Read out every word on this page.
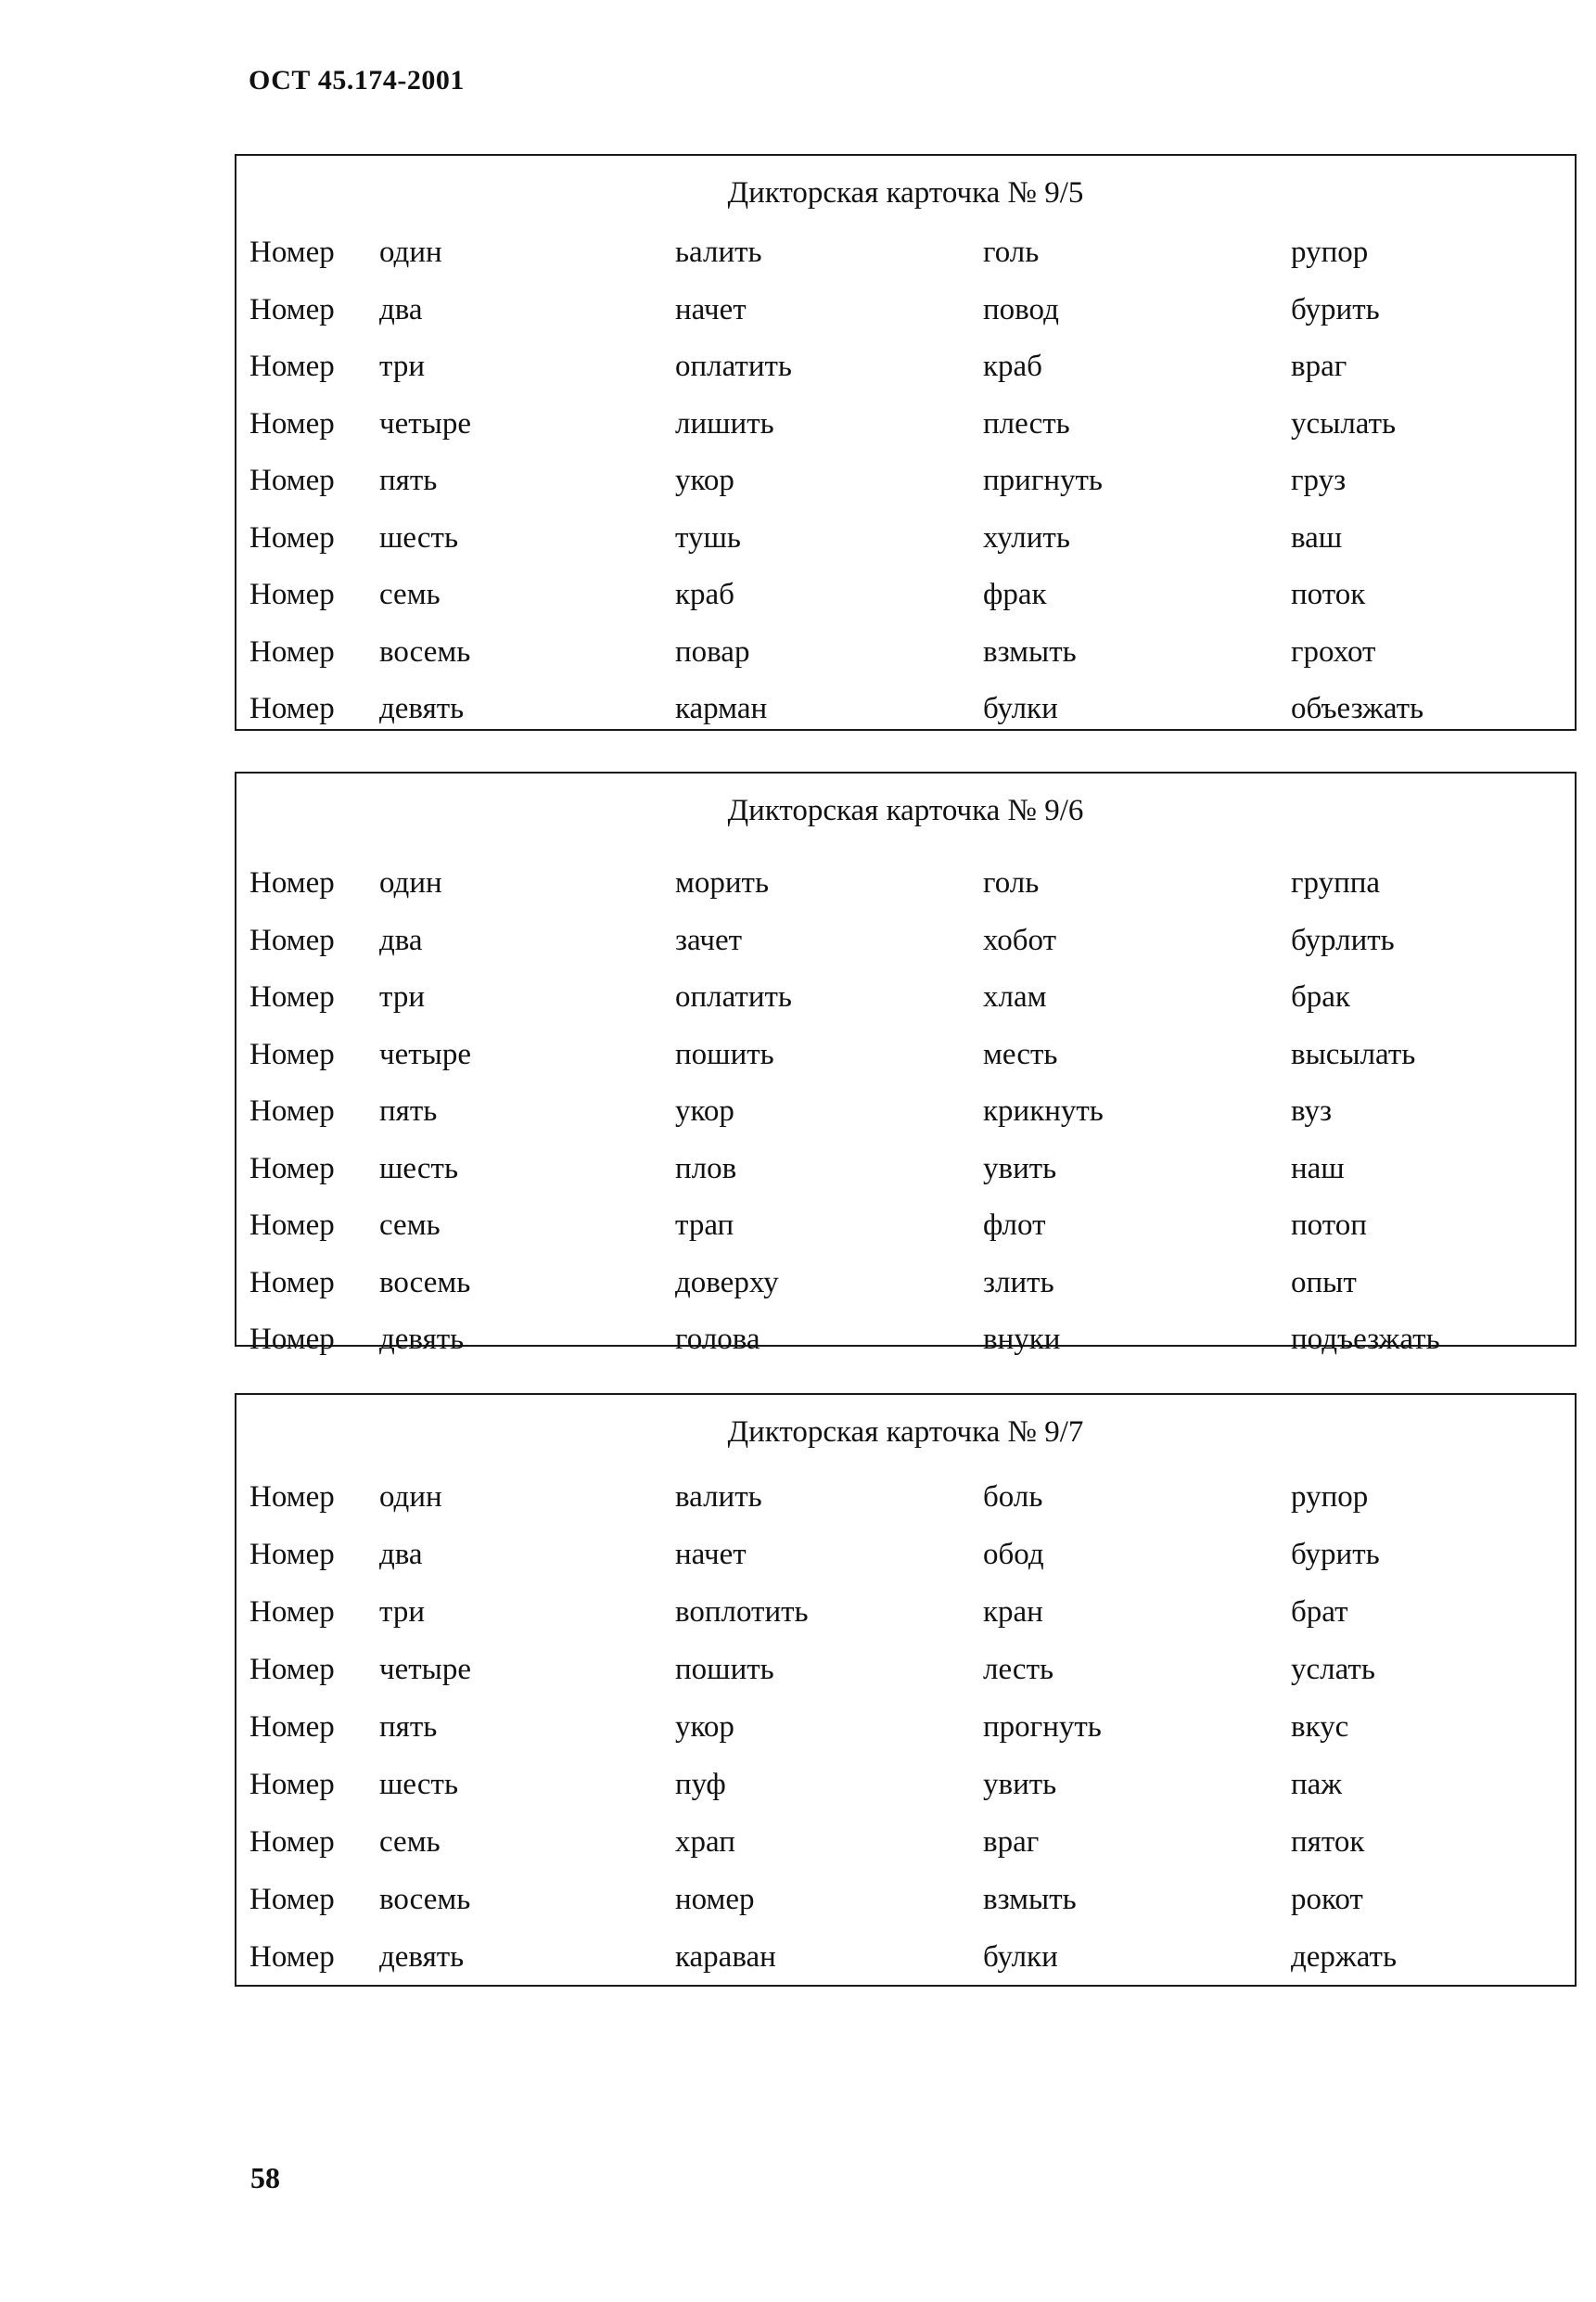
ОСТ 45.174-2001
Дикторская карточка № 9/5
Номер один	ьалить	голь	рупор
Номер два	начет	повод	бурить
Номер три	оплатить	краб	враг
Номер четыре	лишить	плесть	усылать
Номер пять	укор	пригнуть	груз
Номер шесть	тушь	хулить	ваш
Номер семь	краб	фрак	поток
Номер восемь	повар	взмыть	грохот
Номер девять	карман	булки	объезжать
Дикторская карточка № 9/6
Номер один	морить	голь	группа
Номер два	зачет	хобот	бурлить
Номер три	оплатить	хлам	брак
Номер четыре	пошить	месть	высылать
Номер пять	укор	крикнуть	вуз
Номер шесть	плов	увить	наш
Номер семь	трап	флот	потоп
Номер восемь	доверху	злить	опыт
Номер девять	голова	внуки	подъезжать
Дикторская карточка № 9/7
Номер один	валить	боль	рупор
Номер два	начет	обод	бурить
Номер три	воплотить	кран	брат
Номер четыре	пошить	лесть	услать
Номер пять	укор	прогнуть	вкус
Номер шесть	пуф	увить	паж
Номер семь	храп	враг	пяток
Номер восемь	номер	взмыть	рокот
Номер девять	караван	булки	держать
58
